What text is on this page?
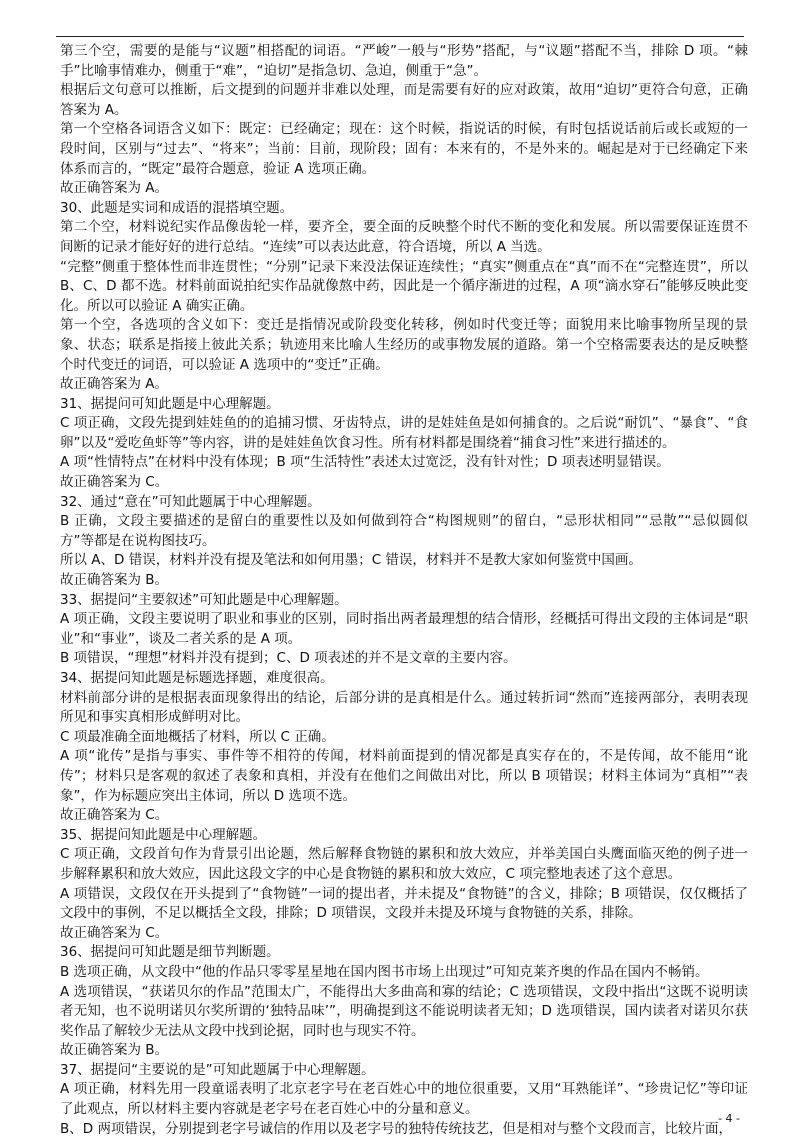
第三个空，需要的是能与“议题”相搭配的词语。“严峻”一般与“形势”搭配，与“议题”搭配不当，排除 D 项。“棘手”比喻事情难办，侧重于“难”，“迫切”是指急切、急迫，侧重于“急”。

根据后文句意可以推断，后文提到的问题并非难以处理，而是需要有好的应对政策，故用“迫切”更符合句意，正确答案为 A。

第一个空格各词语含义如下：既定：已经确定；现在：这个时候，指说话的时候，有时包括说话前后或长或短的一段时间，区别与“过去”、“将来”；当前：目前，现阶段；固有：本来有的，不是外来的。崛起是对于已经确定下来体系而言的，“既定”最符合题意，验证 A 选项正确。

故正确答案为 A。

30、此题是实词和成语的混搭填空题。

第二个空，材料说纪实作品像齿轮一样，要齐全，要全面的反映整个时代不断的变化和发展。所以需要保证连贯不间断的记录才能好好的进行总结。“连续”可以表达此意，符合语境，所以 A 当选。

“完整”侧重于整体性而非连贯性；“分别”记录下来没法保证连续性；“真实”侧重点在“真”而不在“完整连贯”，所以 B、C、D 都不选。材料前面说拍纪实作品就像熬中药，因此是一个循序渐进的过程，A 项“滴水穿石”能够反映此变化。所以可以验证 A 确实正确。

第一个空，各选项的含义如下：变迁是指情况或阶段变化转移，例如时代变迁等；面貌用来比喻事物所呈现的景象、状态；联系是指接上彼此关系；轨迹用来比喻人生经历的或事物发展的道路。第一个空格需要表达的是反映整个时代变迁的词语，可以验证 A 选项中的“变迁”正确。

故正确答案为 A。

31、据提问可知此题是中心理解题。

C 项正确，文段先提到娃娃鱼的的追捕习惯、牙齿特点，讲的是娃娃鱼是如何捕食的。之后说“耐饥”、“暴食”、“食卵”以及“爱吃鱼虾等”等内容，讲的是娃娃鱼饮食习性。所有材料都是围绕着“捕食习性”来进行描述的。

A 项“性情特点”在材料中没有体现；B 项“生活特性”表述太过宽泛，没有针对性；D 项表述明显错误。

故正确答案为 C。

32、通过“意在”可知此题属于中心理解题。

B 正确，文段主要描述的是留白的重要性以及如何做到符合“构图规则”的留白，“忌形状相同”“忌散”“忌似圆似方”等都是在说构图技巧。

所以 A、D 错误，材料并没有提及笔法和如何用墨；C 错误，材料并不是教大家如何鉴赏中国画。

故正确答案为 B。

33、据提问“主要叙述”可知此题是中心理解题。

A 项正确，文段主要说明了职业和事业的区别，同时指出两者最理想的结合情形，经概括可得出文段的主体词是“职业”和“事业”，谈及二者关系的是 A 项。

B 项错误，“理想”材料并没有提到；C、D 项表述的并不是文章的主要内容。

34、据提问知此题是标题选择题，难度很高。

材料前部分讲的是根据表面现象得出的结论，后部分讲的是真相是什么。通过转折词“然而”连接两部分，表明表现所见和事实真相形成鲜明对比。

C 项最准确全面地概括了材料，所以 C 正确。

A 项“讹传”是指与事实、事件等不相符的传闻，材料前面提到的情况都是真实存在的，不是传闻，故不能用“讹传”；材料只是客观的叙述了表象和真相，并没有在他们之间做出对比，所以 B 项错误；材料主体词为“真相”“表象”，作为标题应突出主体词，所以 D 选项不选。

故正确答案为 C。

35、据提问知此题是中心理解题。

C 项正确，文段首句作为背景引出论题，然后解释食物链的累积和放大效应，并举美国白头鹰面临灭绝的例子进一步解释累积和放大效应，因此这段文字的中心是食物链的累积和放大效应，C 项完整地表述了这个意思。

A 项错误，文段仅在开头提到了“食物链”一词的提出者，并未提及“食物链”的含义，排除；B 项错误，仅仅概括了文段中的事例，不足以概括全文段，排除；D 项错误，文段并未提及环境与食物链的关系，排除。

故正确答案为 C。

36、据提问可知此题是细节判断题。

B 选项正确，从文段中“他的作品只零零星星地在国内图书市场上出现过”可知克莱齐奥的作品在国内不畅销。

A 选项错误，“获诺贝尔的作品”范围太广，不能得出大多曲高和寡的结论；C 选项错误，文段中指出“这既不说明读者无知，也不说明诺贝尔奖所谓的‘独特品味’”，明确提到这不能说明读者无知；D 选项错误，国内读者对诺贝尔获奖作品了解较少无法从文段中找到论据，同时也与现实不符。

故正确答案为 B。

37、据提问“主要说的是”可知此题属于中心理解题。

A 项正确，材料先用一段童谣表明了北京老字号在老百姓心中的地位很重要，又用“耳熟能详”、“珍贵记忆”等印证了此观点，所以材料主要内容就是老字号在老百姓心中的分量和意义。

B、D 两项错误，分别提到老字号诚信的作用以及老字号的独特传统技艺，但是相对与整个文段而言，比较片面，

- 4 -
